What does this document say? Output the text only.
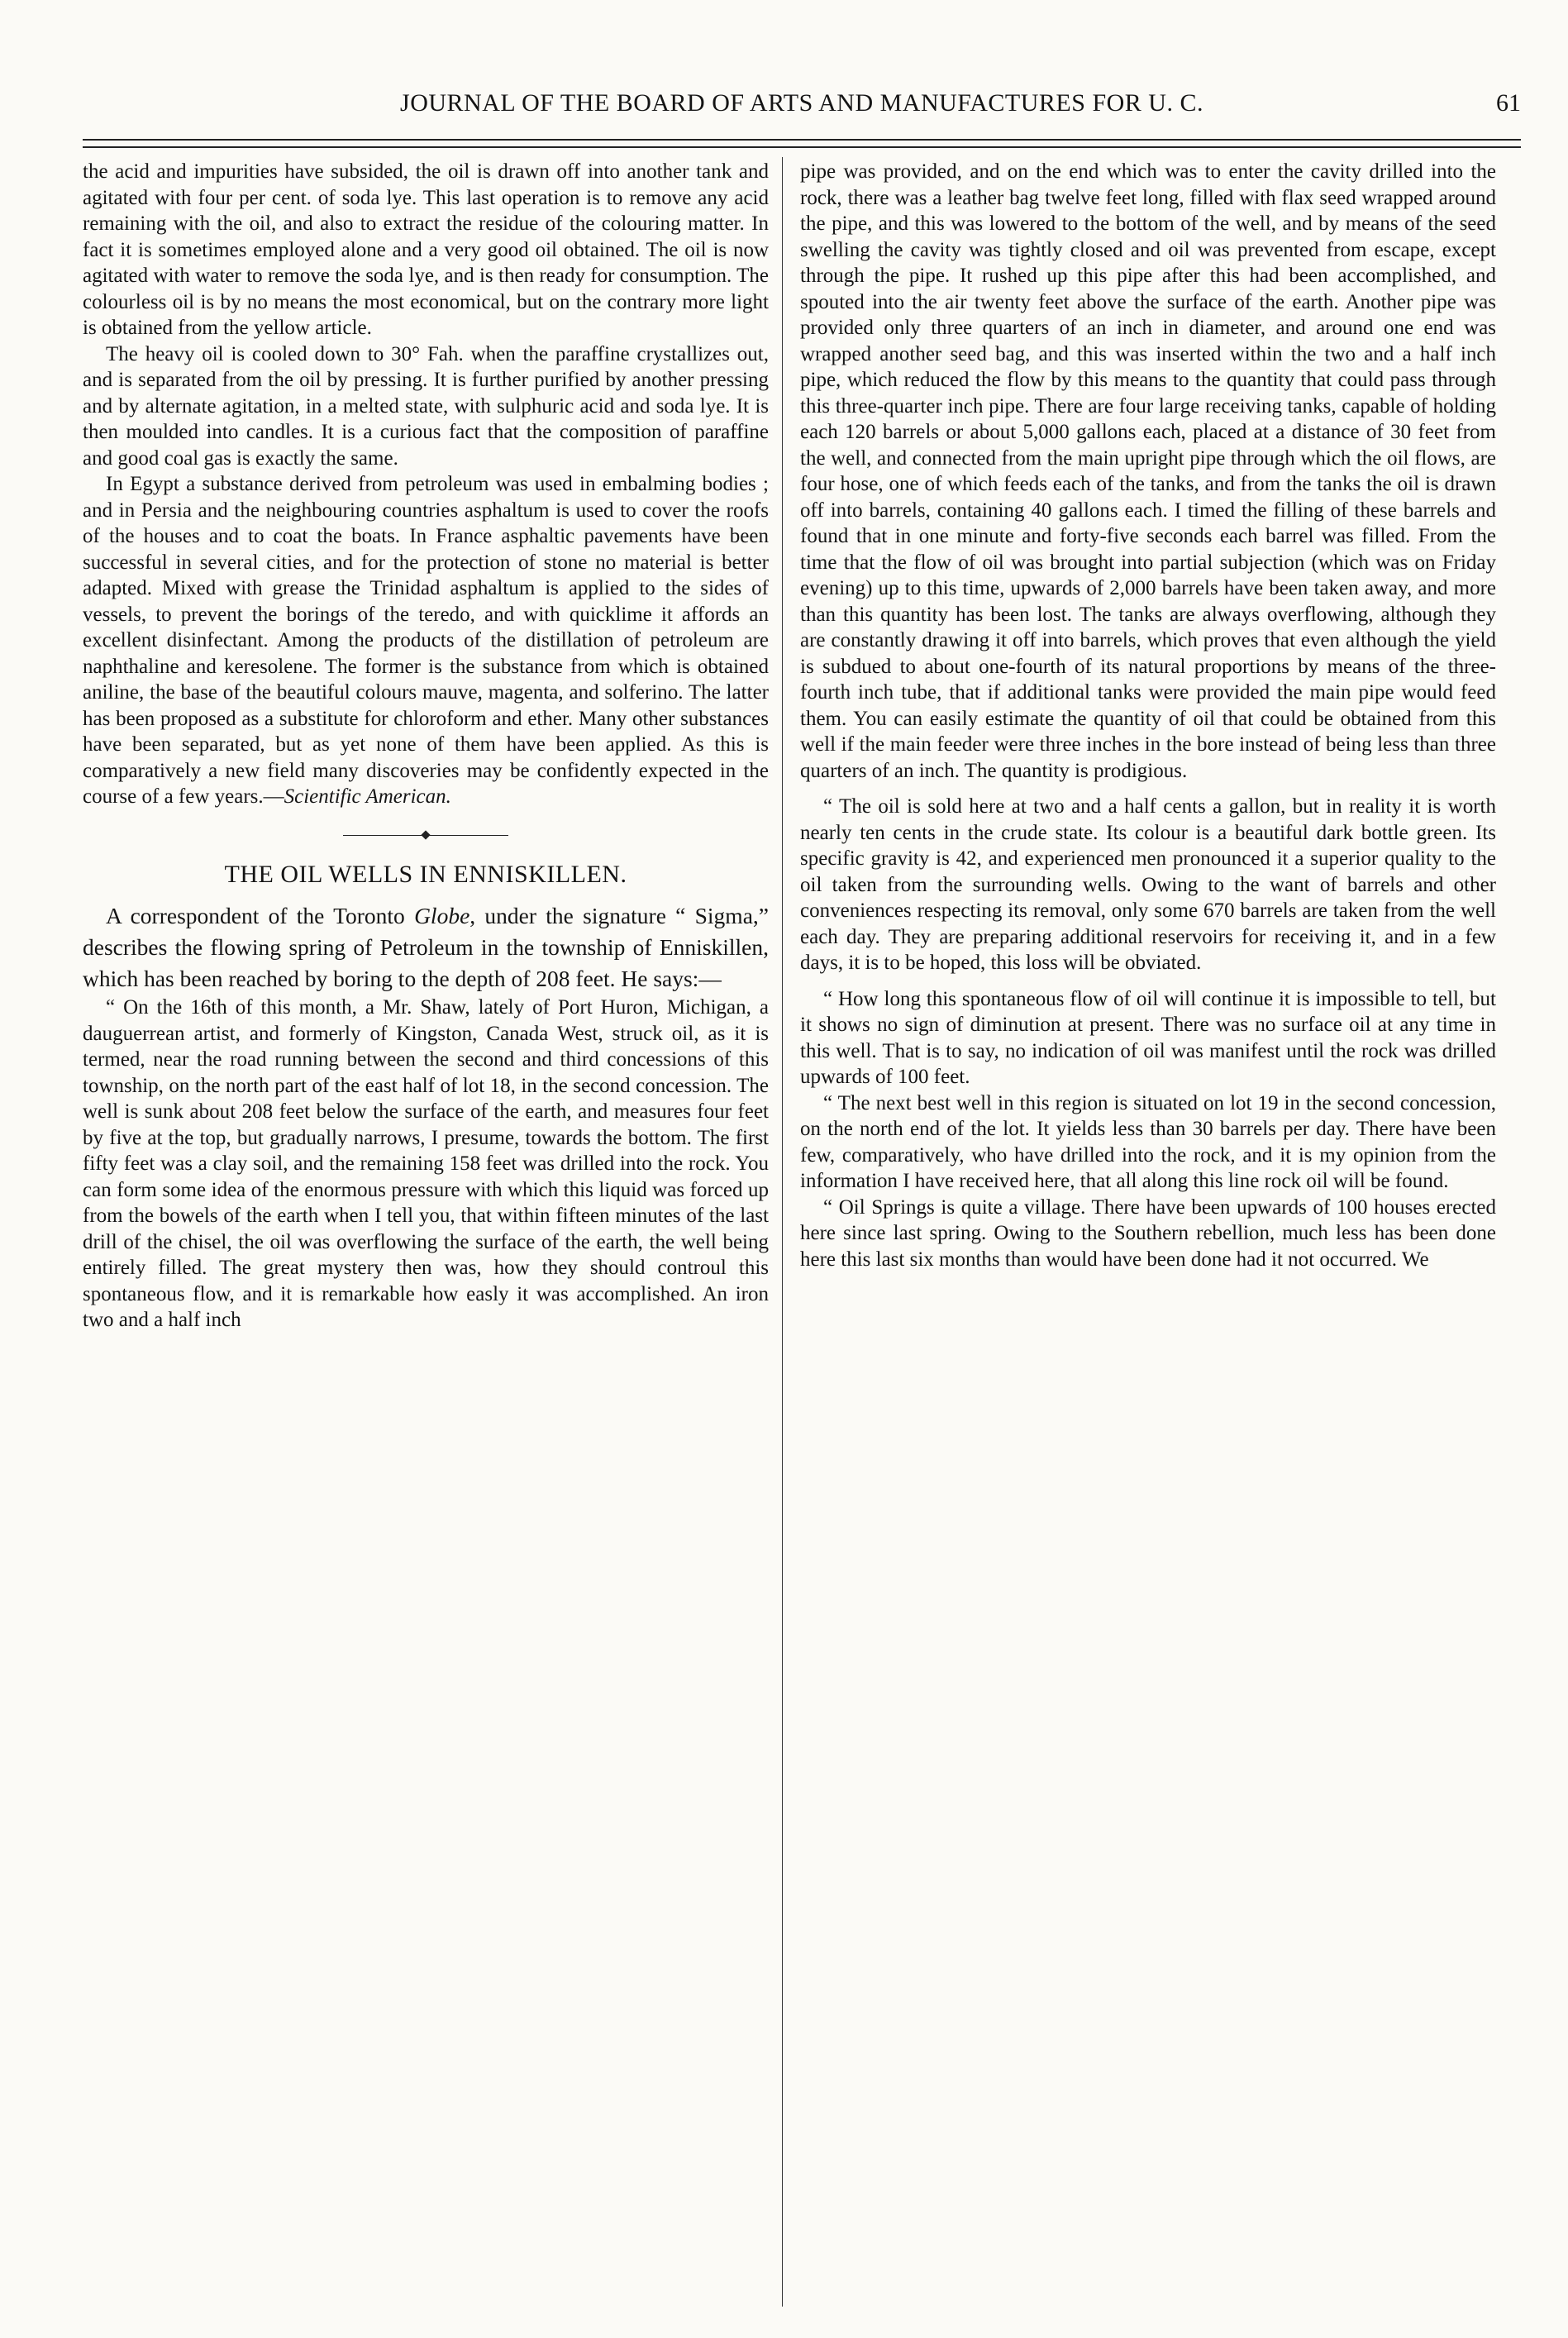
JOURNAL OF THE BOARD OF ARTS AND MANUFACTURES FOR U. C.	61

the acid and impurities have subsided, the oil is drawn off into another tank and agitated with four per cent. of soda lye. This last operation is to remove any acid remaining with the oil, and also to extract the residue of the colouring matter. In fact it is sometimes employed alone and a very good oil obtained. The oil is now agitated with water to remove the soda lye, and is then ready for consumption. The colourless oil is by no means the most economical, but on the contrary more light is obtained from the yellow article.

The heavy oil is cooled down to 30° Fah. when the paraffine crystallizes out, and is separated from the oil by pressing. It is further purified by another pressing and by alternate agitation, in a melted state, with sulphuric acid and soda lye. It is then moulded into candles. It is a curious fact that the composition of paraffine and good coal gas is exactly the same.

In Egypt a substance derived from petroleum was used in embalming bodies ; and in Persia and the neighbouring countries asphaltum is used to cover the roofs of the houses and to coat the boats. In France asphaltic pavements have been successful in several cities, and for the protection of stone no material is better adapted. Mixed with grease the Trinidad asphaltum is applied to the sides of vessels, to prevent the borings of the teredo, and with quicklime it affords an excellent disinfectant. Among the products of the distillation of petroleum are naphthaline and keresolene. The former is the substance from which is obtained aniline, the base of the beautiful colours mauve, magenta, and solferino. The latter has been proposed as a substitute for chloroform and ether. Many other substances have been separated, but as yet none of them have been applied. As this is comparatively a new field many discoveries may be confidently expected in the course of a few years.—Scientific American.

THE OIL WELLS IN ENNISKILLEN.

A correspondent of the Toronto Globe, under the signature “ Sigma,” describes the flowing spring of Petroleum in the township of Enniskillen, which has been reached by boring to the depth of 208 feet. He says:—

“ On the 16th of this month, a Mr. Shaw, lately of Port Huron, Michigan, a dauguerrean artist, and formerly of Kingston, Canada West, struck oil, as it is termed, near the road running between the second and third concessions of this township, on the north part of the east half of lot 18, in the second concession. The well is sunk about 208 feet below the surface of the earth, and measures four feet by five at the top, but gradually narrows, I presume, towards the bottom. The first fifty feet was a clay soil, and the remaining 158 feet was drilled into the rock. You can form some idea of the enormous pressure with which this liquid was forced up from the bowels of the earth when I tell you, that within fifteen minutes of the last drill of the chisel, the oil was overflowing the surface of the earth, the well being entirely filled. The great mystery then was, how they should controul this spontaneous flow, and it is remarkable how easly it was accomplished. An iron two and a half inch

pipe was provided, and on the end which was to enter the cavity drilled into the rock, there was a leather bag twelve feet long, filled with flax seed wrapped around the pipe, and this was lowered to the bottom of the well, and by means of the seed swelling the cavity was tightly closed and oil was prevented from escape, except through the pipe. It rushed up this pipe after this had been accomplished, and spouted into the air twenty feet above the surface of the earth. Another pipe was provided only three quarters of an inch in diameter, and around one end was wrapped another seed bag, and this was inserted within the two and a half inch pipe, which reduced the flow by this means to the quantity that could pass through this three-quarter inch pipe. There are four large receiving tanks, capable of holding each 120 barrels or about 5,000 gallons each, placed at a distance of 30 feet from the well, and connected from the main upright pipe through which the oil flows, are four hose, one of which feeds each of the tanks, and from the tanks the oil is drawn off into barrels, containing 40 gallons each. I timed the filling of these barrels and found that in one minute and forty-five seconds each barrel was filled. From the time that the flow of oil was brought into partial subjection (which was on Friday evening) up to this time, upwards of 2,000 barrels have been taken away, and more than this quantity has been lost. The tanks are always overflowing, although they are constantly drawing it off into barrels, which proves that even although the yield is subdued to about one-fourth of its natural proportions by means of the three-fourth inch tube, that if additional tanks were provided the main pipe would feed them. You can easily estimate the quantity of oil that could be obtained from this well if the main feeder were three inches in the bore instead of being less than three quarters of an inch. The quantity is prodigious.

“ The oil is sold here at two and a half cents a gallon, but in reality it is worth nearly ten cents in the crude state. Its colour is a beautiful dark bottle green. Its specific gravity is 42, and experienced men pronounced it a superior quality to the oil taken from the surrounding wells. Owing to the want of barrels and other conveniences respecting its removal, only some 670 barrels are taken from the well each day. They are preparing additional reservoirs for receiving it, and in a few days, it is to be hoped, this loss will be obviated.

“ How long this spontaneous flow of oil will continue it is impossible to tell, but it shows no sign of diminution at present. There was no surface oil at any time in this well. That is to say, no indication of oil was manifest until the rock was drilled upwards of 100 feet.

“ The next best well in this region is situated on lot 19 in the second concession, on the north end of the lot. It yields less than 30 barrels per day. There have been few, comparatively, who have drilled into the rock, and it is my opinion from the information I have received here, that all along this line rock oil will be found.

“ Oil Springs is quite a village. There have been upwards of 100 houses erected here since last spring. Owing to the Southern rebellion, much less has been done here this last six months than would have been done had it not occurred. We
